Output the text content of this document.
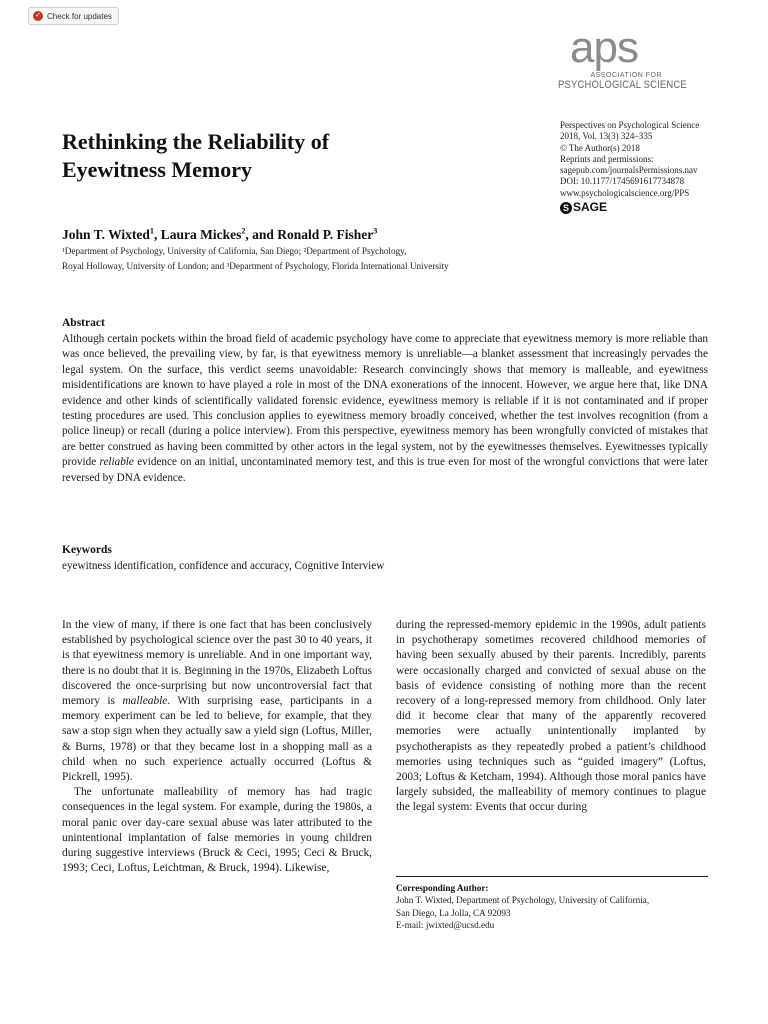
✓ Check for updates
aps
ASSOCIATION FOR
PSYCHOLOGICAL SCIENCE
Rethinking the Reliability of
Eyewitness Memory
Perspectives on Psychological Science
2018, Vol. 13(3) 324–335
© The Author(s) 2018
Reprints and permissions:
sagepub.com/journalsPermissions.nav
DOI: 10.1177/1745691617734878
www.psychologicalscience.org/PPS
S SAGE
John T. Wixted$^1$, Laura Mickes$^2$, and Ronald P. Fisher$^3$
¹Department of Psychology, University of California, San Diego; ²Department of Psychology,
Royal Holloway, University of London; and ³Department of Psychology, Florida International University
Abstract

Although certain pockets within the broad field of academic psychology have come to appreciate that eyewitness memory is more reliable than was once believed, the prevailing view, by far, is that eyewitness memory is unreliable—a blanket assessment that increasingly pervades the legal system. On the surface, this verdict seems unavoidable: Research convincingly shows that memory is malleable, and eyewitness misidentifications are known to have played a role in most of the DNA exonerations of the innocent. However, we argue here that, like DNA evidence and other kinds of scientifically validated forensic evidence, eyewitness memory is reliable if it is not contaminated and if proper testing procedures are used. This conclusion applies to eyewitness memory broadly conceived, whether the test involves recognition (from a police lineup) or recall (during a police interview). From this perspective, eyewitness memory has been wrongfully convicted of mistakes that are better construed as having been committed by other actors in the legal system, not by the eyewitnesses themselves. Eyewitnesses typically provide reliable evidence on an initial, uncontaminated memory test, and this is true even for most of the wrongful convictions that were later reversed by DNA evidence.

Keywords
eyewitness identification, confidence and accuracy, Cognitive Interview

In the view of many, if there is one fact that has been conclusively established by psychological science over the past 30 to 40 years, it is that eyewitness memory is unreliable. And in one important way, there is no doubt that it is. Beginning in the 1970s, Elizabeth Loftus discovered the once-surprising but now uncontroversial fact that memory is malleable. With surprising ease, participants in a memory experiment can be led to believe, for example, that they saw a stop sign when they actually saw a yield sign (Loftus, Miller, & Burns, 1978) or that they became lost in a shopping mall as a child when no such experience actually occurred (Loftus & Pickrell, 1995).

The unfortunate malleability of memory has had tragic consequences in the legal system. For example, during the 1980s, a moral panic over day-care sexual abuse was later attributed to the unintentional implantation of false memories in young children during suggestive interviews (Bruck & Ceci, 1995; Ceci & Bruck, 1993; Ceci, Loftus, Leichtman, & Bruck, 1994). Likewise,

during the repressed-memory epidemic in the 1990s, adult patients in psychotherapy sometimes recovered childhood memories of having been sexually abused by their parents. Incredibly, parents were occasionally charged and convicted of sexual abuse on the basis of evidence consisting of nothing more than the recent recovery of a long-repressed memory from childhood. Only later did it become clear that many of the apparently recovered memories were actually unintentionally implanted by psychotherapists as they repeatedly probed a patient’s childhood memories using techniques such as “guided imagery” (Loftus, 2003; Loftus & Ketcham, 1994). Although those moral panics have largely subsided, the malleability of memory continues to plague the legal system: Events that occur during

Corresponding Author:
John T. Wixted, Department of Psychology, University of California,
San Diego, La Jolla, CA 92093
E-mail: jwixted@ucsd.edu
